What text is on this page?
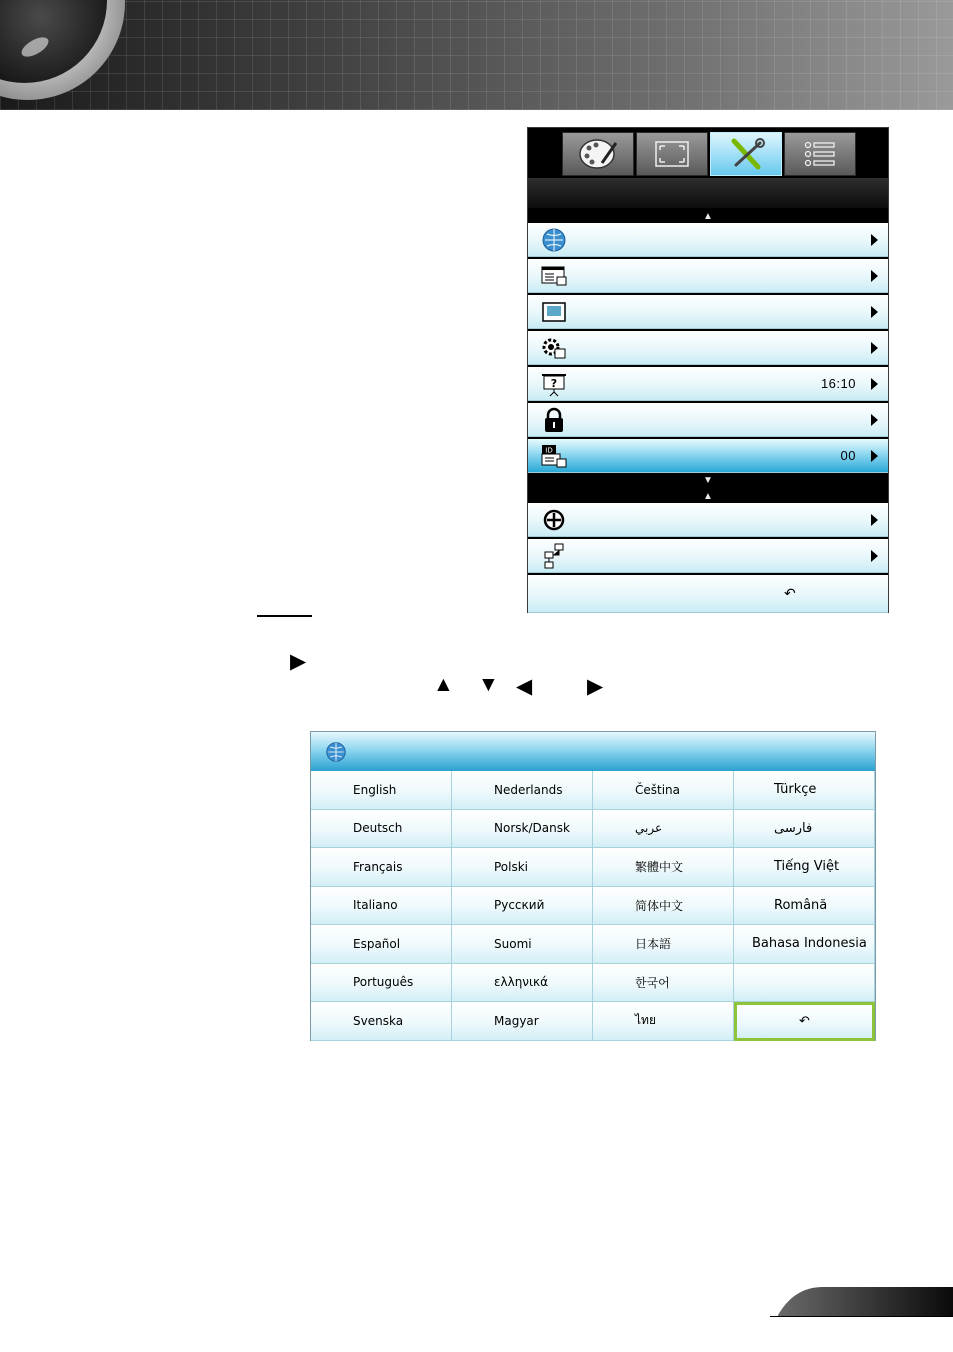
▲
?	16:10
ID	00
▼
▲
↶
▶
▲ ▼ ◀	▶
English	Nederlands	Čeština	Türkçe
Deutsch	Norsk/Dansk	عربي	فارسی
Français	Polski	繁體中文	Tiếng Việt
Italiano	Русский	简体中文	Română
Español	Suomi	日本語	Bahasa Indonesia
Português	ελληνικά	한국어
Svenska	Magyar	ไทย	↶
